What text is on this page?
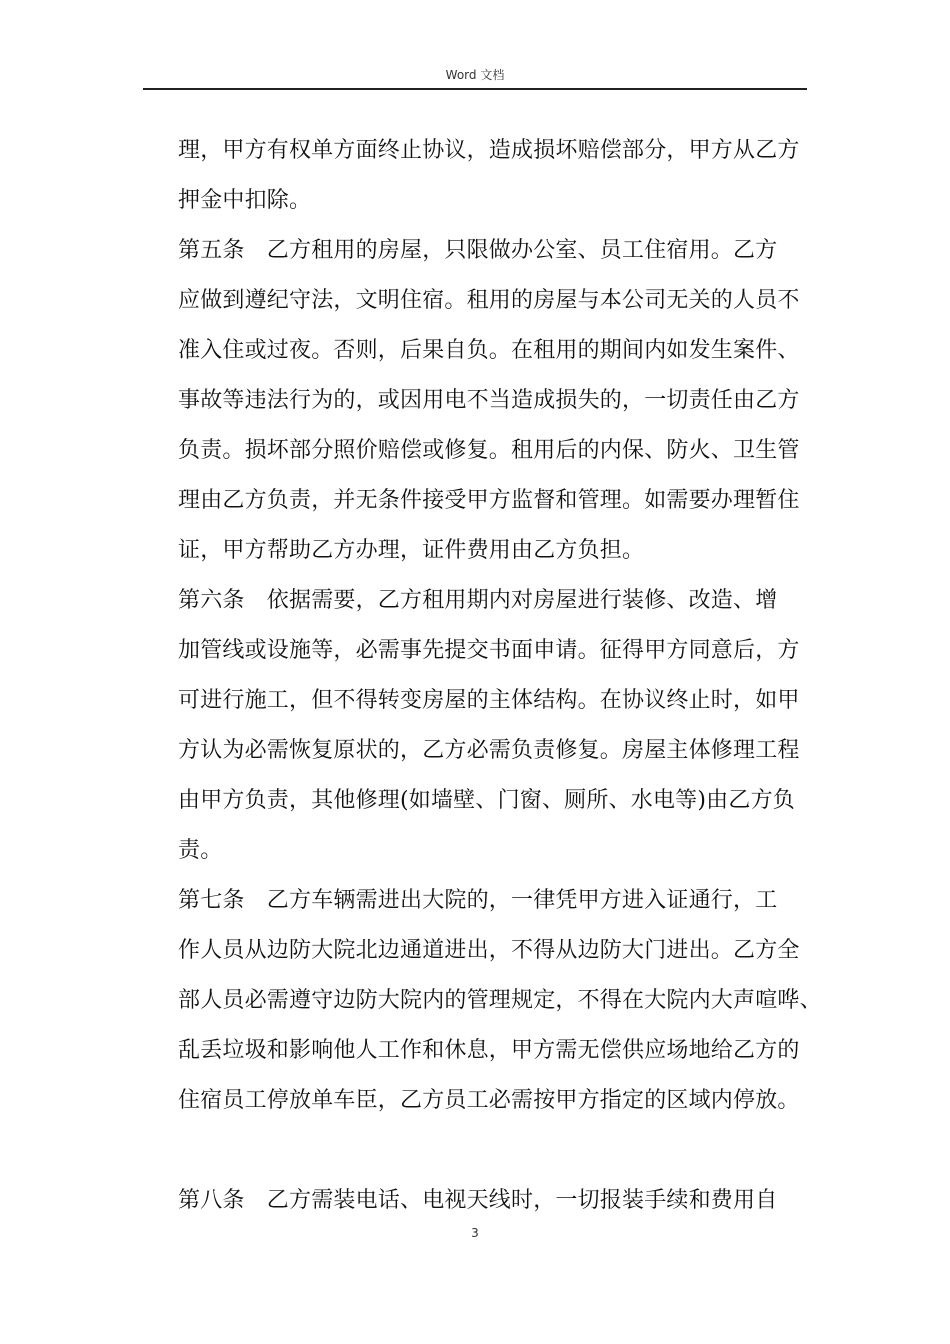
Word 文档
理，甲方有权单方面终止协议，造成损坏赔偿部分，甲方从乙方
押金中扣除。
第五条　乙方租用的房屋，只限做办公室、员工住宿用。乙方
应做到遵纪守法，文明住宿。租用的房屋与本公司无关的人员不
准入住或过夜。否则，后果自负。在租用的期间内如发生案件、
事故等违法行为的，或因用电不当造成损失的，一切责任由乙方
负责。损坏部分照价赔偿或修复。租用后的内保、防火、卫生管
理由乙方负责，并无条件接受甲方监督和管理。如需要办理暂住
证，甲方帮助乙方办理，证件费用由乙方负担。
第六条　依据需要，乙方租用期内对房屋进行装修、改造、增
加管线或设施等，必需事先提交书面申请。征得甲方同意后，方
可进行施工，但不得转变房屋的主体结构。在协议终止时，如甲
方认为必需恢复原状的，乙方必需负责修复。房屋主体修理工程
由甲方负责，其他修理(如墙壁、门窗、厕所、水电等)由乙方负
责。
第七条　乙方车辆需进出大院的，一律凭甲方进入证通行，工
作人员从边防大院北边通道进出，不得从边防大门进出。乙方全
部人员必需遵守边防大院内的管理规定，不得在大院内大声喧哗、
乱丢垃圾和影响他人工作和休息，甲方需无偿供应场地给乙方的
住宿员工停放单车臣，乙方员工必需按甲方指定的区域内停放。
第八条　乙方需装电话、电视天线时，一切报装手续和费用自
3
